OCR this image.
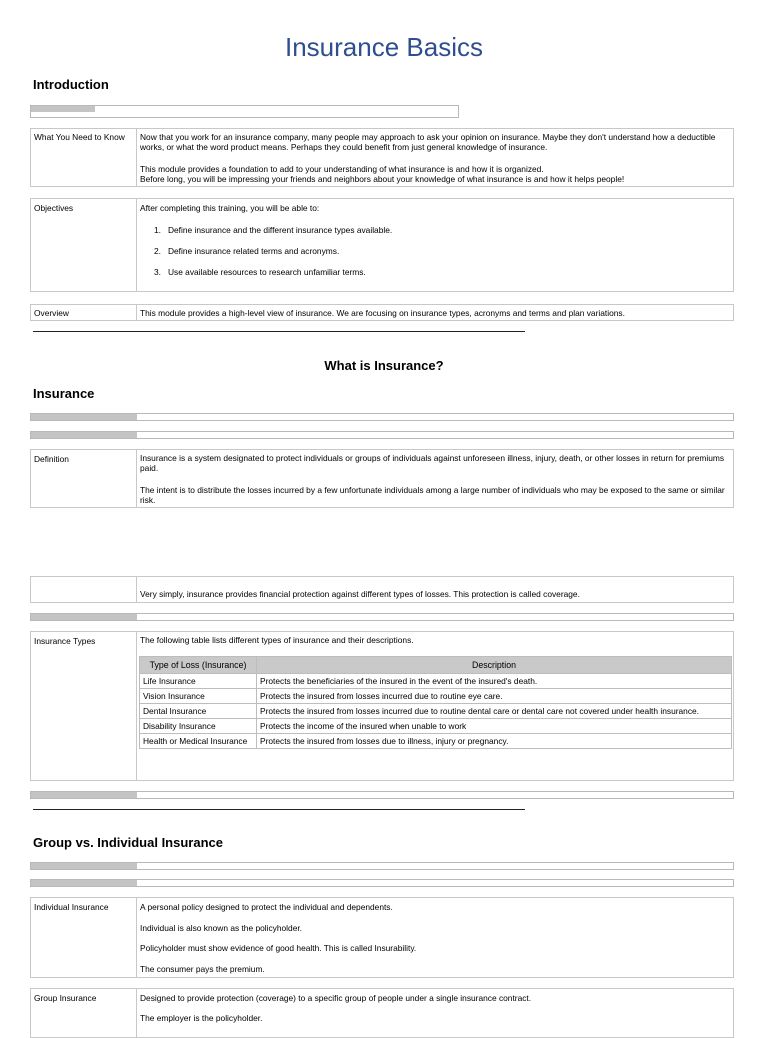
Insurance Basics
Introduction
What You Need to Know	Now that you work for an insurance company, many people may approach to ask your opinion on insurance. Maybe they don't understand how a deductible works, or what the word product means. Perhaps they could benefit from just general knowledge of insurance.
This module provides a foundation to add to your understanding of what insurance is and how it is organized.
Before long, you will be impressing your friends and neighbors about your knowledge of what insurance is and how it helps people!
Objectives	After completing this training, you will be able to:
1.   Define insurance and the different insurance types available.
2.   Define insurance related terms and acronyms.
3.   Use available resources to research unfamiliar terms.
Overview	This module provides a high-level view of insurance. We are focusing on insurance types, acronyms and terms and plan variations.
What is Insurance?
Insurance
Definition	Insurance is a system designated to protect individuals or groups of individuals against unforeseen illness, injury, death, or other losses in return for premiums paid.
The intent is to distribute the losses incurred by a few unfortunate individuals among a large number of individuals who may be exposed to the same or similar risk.
Very simply, insurance provides financial protection against different types of losses. This protection is called coverage.
Insurance Types	The following table lists different types of insurance and their descriptions.
Type of Loss (Insurance)	Description
Life Insurance	Protects the beneficiaries of the insured in the event of the insured's death.
Vision Insurance	Protects the insured from losses incurred due to routine eye care.
Dental Insurance	Protects the insured from losses incurred due to routine dental care or dental care not covered under health insurance.
Disability Insurance	Protects the income of the insured when unable to work
Health or Medical Insurance	Protects the insured from losses due to illness, injury or pregnancy.
Group vs. Individual Insurance
Individual Insurance	A personal policy designed to protect the individual and dependents.
Individual is also known as the policyholder.
Policyholder must show evidence of good health. This is called Insurability.
The consumer pays the premium.
Group Insurance	Designed to provide protection (coverage) to a specific group of people under a single insurance contract.
The employer is the policyholder.
